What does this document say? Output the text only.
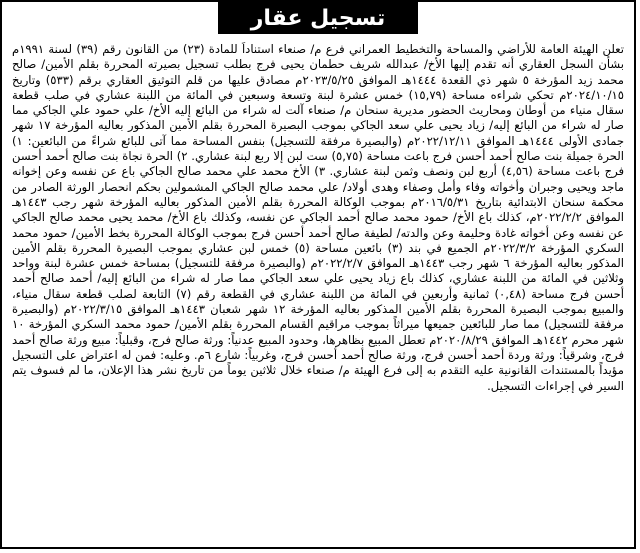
تسجيل عقار
تعلن الهيئة العامة للأراضي والمساحة والتخطيط العمراني فرع م/ صنعاء استناداً للمادة (٢٣) من القانون رقم (٣٩) لسنة ١٩٩١م بشأن السجل العقاري أنه تقدم إليها الأخ/ عبدالله شريف حطمان يحيى فرج بطلب تسجيل بصيرته المحررة بقلم الأمين/ صالح محمد زيد المؤرخة ٥ شهر ذي القعدة ١٤٤٤هـ الموافق ٢٠٢٣/٥/٢٥م مصادق عليها من قلم التوثيق العقاري برقم (٥٣٣) وتاريخ ٢٠٢٤/١٠/١٥م تحكي شراءه مساحة (١٥,٧٩) خمس عشرة لبنة وتسعة وسبعين في المائة من اللبنة عشاري في صلب قطعة سقال منياء من أوطان ومحاريث الحضور مديرية سنحان م/ صنعاء آلت له شراء من البائع إليه الأخ/ علي حمود علي الجاكي مما صار له شراء من البائع إليه/ زياد يحيى علي سعد الجاكي بموجب البصيرة المحررة بقلم الأمين المذكور بعاليه المؤرخة ١٧ شهر جمادى الأولى ١٤٤٤هـ الموافق ٢٠٢٢/١٢/١١م (والبصيرة مرفقة للتسجيل) بنفس المساحة مما آتى للبائع شراءً من البائعين: ١) الحرة جميلة بنت صالح أحمد أحسن فرج باعت مساحة (٥,٧٥) ست لبن إلا ربع لبنة عشاري. ٢) الحرة نجاة بنت صالح أحمد أحسن فرج باعت مساحة (٤,٥٦) أربع لبن ونصف وثمن لبنة عشاري. ٣) الأخ محمد علي محمد صالح الجاكي باع عن نفسه وعن إخوانه ماجد ويحيى وجبران وأخواته وفاء وأمل وصفاء وهدى أولاد/ علي محمد صالح الجاكي المشمولين بحكم انحصار الورثة الصادر من محكمة سنحان الابتدائية بتاريخ ٢٠١٦/٥/٣١م بموجب الوكالة المحررة بقلم الأمين المذكور بعاليه المؤرخة شهر رجب ١٤٤٣هـ الموافق ٢٠٢٢/٢/٢م، كذلك باع الأخ/ حمود محمد صالح أحمد الجاكي عن نفسه، وكذلك باع الأخ/ محمد يحيى محمد صالح الجاكي عن نفسه وعن أخواته غادة وحليمة وعن والدته/ لطيفة صالح أحمد أحسن فرج بموجب الوكالة المحررة بخط الأمين/ حمود محمد السكري المؤرخة ٢٠٢٢/٣/٢م الجميع في بند (٣) بائعين مساحة (٥) خمس لبن عشاري بموجب البصيرة المحررة بقلم الأمين المذكور بعاليه المؤرخة ٦ شهر رجب ١٤٤٣هـ الموافق ٢٠٢٢/٢/٧م (والبصيرة مرفقة للتسجيل) بمساحة خمس عشرة لبنة وواحد وثلاثين في المائة من اللبنة عشاري، كذلك باع زياد يحيى علي سعد الجاكي مما صار له شراء من البائع إليه/ أحمد صالح أحمد أحسن فرج مساحة (٠,٤٨) ثمانية وأربعين في المائة من اللبنة عشاري في القطعة رقم (٧) التابعة لصلب قطعة سقال منياء، والمبيع بموجب البصيرة المحررة بقلم الأمين المذكور بعاليه المؤرخة ١٢ شهر شعبان ١٤٤٣هـ الموافق ٢٠٢٢/٣/١٥م (والبصيرة مرفقة للتسجيل) مما صار للبائعين جميعها ميراثاً بموجب مراقيم القسام المحررة بقلم الأمين/ حمود محمد السكري المؤرخة ١٠ شهر محرم ١٤٤٢هـ الموافق ٢٠٢٠/٨/٢٩م تعطل المبيع بظاهرها، وحدود المبيع عدنياً: ورثة صالح فرج، وقبلياً: مبيع ورثة صالح أحمد فرج، وشرقياً: ورثة وردة أحمد أحسن فرج، ورثة صالح أحمد أحسن فرج، وغربياً: شارع ٦م. وعليه: فمن له اعتراض على التسجيل مؤيداً بالمستندات القانونية عليه التقدم به إلى فرع الهيئة م/ صنعاء خلال ثلاثين يوماً من تاريخ نشر هذا الإعلان، ما لم فسوف يتم السير في إجراءات التسجيل.
